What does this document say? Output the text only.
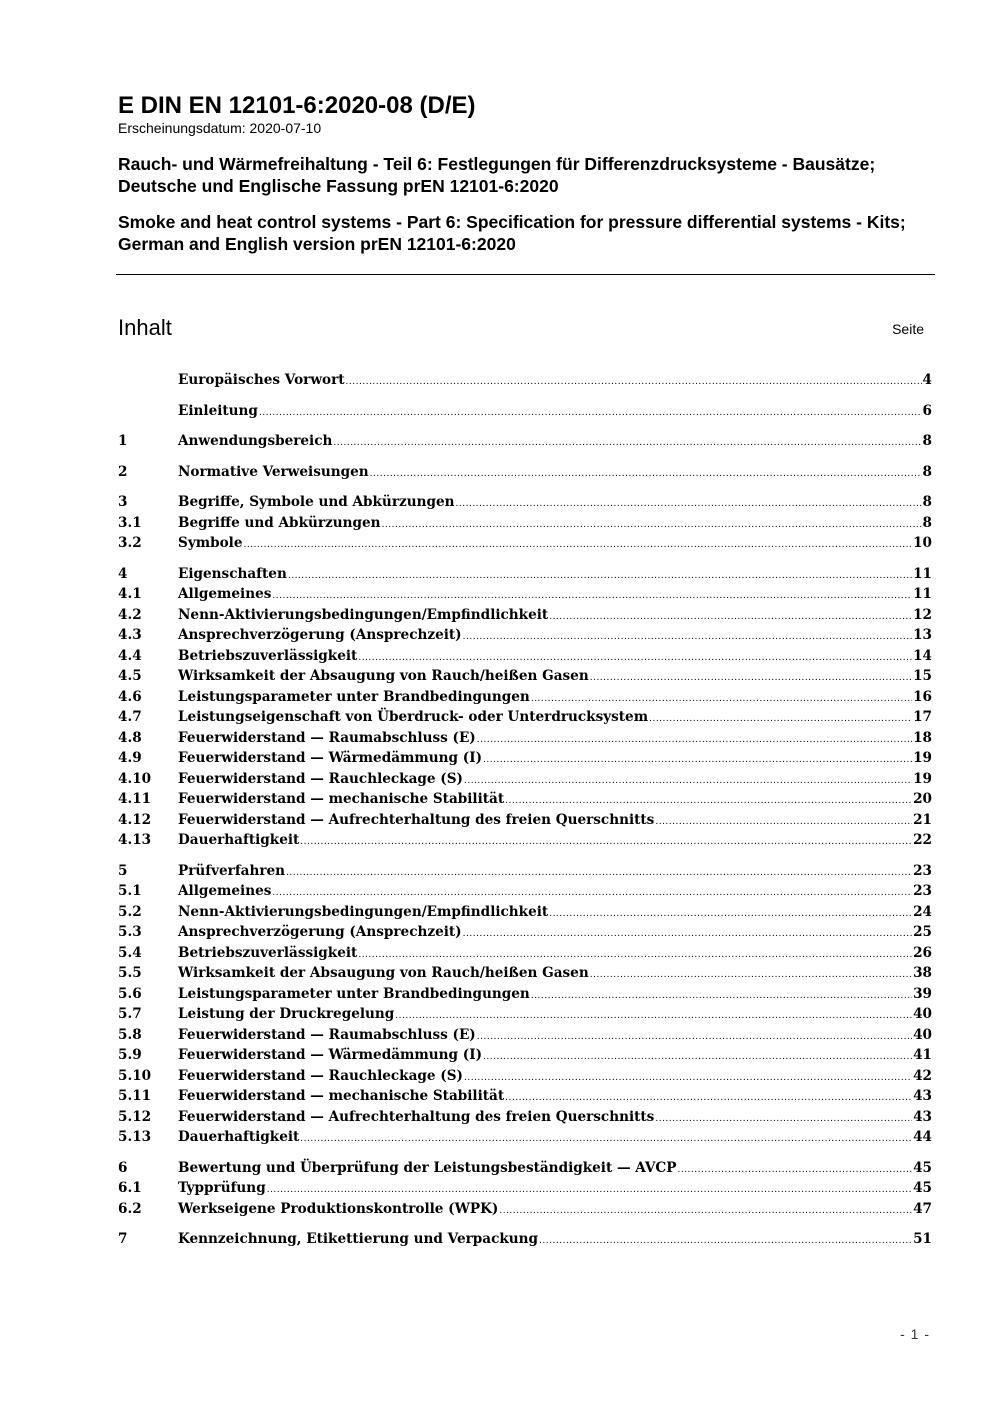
E DIN EN 12101-6:2020-08 (D/E)

Erscheinungsdatum: 2020-07-10

Rauch- und Wärmefreihaltung - Teil 6: Festlegungen für Differenzdrucksysteme - Bausätze; Deutsche und Englische Fassung prEN 12101-6:2020

Smoke and heat control systems - Part 6: Specification for pressure differential systems - Kits; German and English version prEN 12101-6:2020

Inhalt	Seite
Europäisches Vorwort .....	4
Einleitung .....	6
1	Anwendungsbereich .....	8
2	Normative Verweisungen .....	8
3	Begriffe, Symbole und Abkürzungen .....	8
3.1	Begriffe und Abkürzungen .....	8
3.2	Symbole .....	10
4	Eigenschaften .....	11
4.1	Allgemeines .....	11
4.2	Nenn-Aktivierungsbedingungen/Empfindlichkeit .....	12
4.3	Ansprechverzögerung (Ansprechzeit) .....	13
4.4	Betriebszuverlässigkeit .....	14
4.5	Wirksamkeit der Absaugung von Rauch/heißen Gasen .....	15
4.6	Leistungsparameter unter Brandbedingungen .....	16
4.7	Leistungseigenschaft von Überdruck- oder Unterdrucksystem .....	17
4.8	Feuerwiderstand — Raumabschluss (E) .....	18
4.9	Feuerwiderstand — Wärmedämmung (I) .....	19
4.10	Feuerwiderstand — Rauchleckage (S) .....	19
4.11	Feuerwiderstand — mechanische Stabilität .....	20
4.12	Feuerwiderstand — Aufrechterhaltung des freien Querschnitts .....	21
4.13	Dauerhaftigkeit .....	22
5	Prüfverfahren .....	23
5.1	Allgemeines .....	23
5.2	Nenn-Aktivierungsbedingungen/Empfindlichkeit .....	24
5.3	Ansprechverzögerung (Ansprechzeit) .....	25
5.4	Betriebszuverlässigkeit .....	26
5.5	Wirksamkeit der Absaugung von Rauch/heißen Gasen .....	38
5.6	Leistungsparameter unter Brandbedingungen .....	39
5.7	Leistung der Druckregelung .....	40
5.8	Feuerwiderstand — Raumabschluss (E) .....	40
5.9	Feuerwiderstand — Wärmedämmung (I) .....	41
5.10	Feuerwiderstand — Rauchleckage (S) .....	42
5.11	Feuerwiderstand — mechanische Stabilität .....	43
5.12	Feuerwiderstand — Aufrechterhaltung des freien Querschnitts .....	43
5.13	Dauerhaftigkeit .....	44
6	Bewertung und Überprüfung der Leistungsbeständigkeit — AVCP .....	45
6.1	Typprüfung .....	45
6.2	Werkseigene Produktionskontrolle (WPK) .....	47
7	Kennzeichnung, Etikettierung und Verpackung .....	51
- 1 -
